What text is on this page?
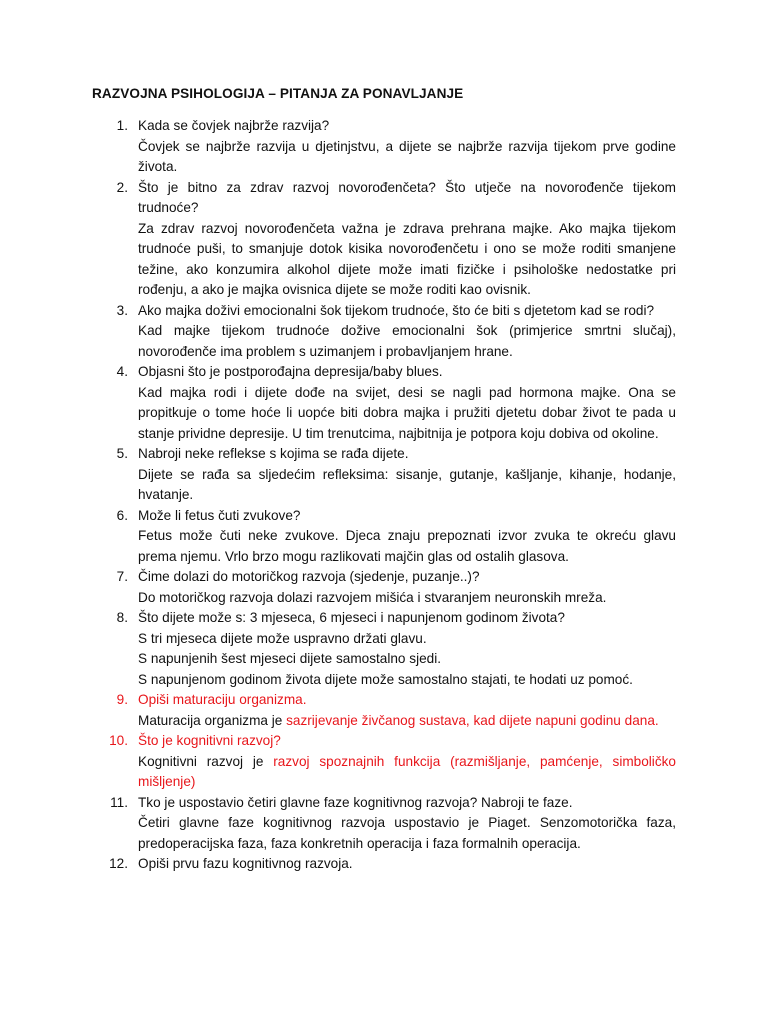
RAZVOJNA PSIHOLOGIJA – PITANJA ZA PONAVLJANJE
1. Kada se čovjek najbrže razvija?
Čovjek se najbrže razvija u djetinjstvu, a dijete se najbrže razvija tijekom prve godine života.
2. Što je bitno za zdrav razvoj novorođenčeta? Što utječe na novorođenče tijekom trudnoće?
Za zdrav razvoj novorođenčeta važna je zdrava prehrana majke. Ako majka tijekom trudnoće puši, to smanjuje dotok kisika novorođenčetu i ono se može roditi smanjene težine, ako konzumira alkohol dijete može imati fizičke i psihološke nedostatke pri rođenju, a ako je majka ovisnica dijete se može roditi kao ovisnik.
3. Ako majka doživi emocionalni šok tijekom trudnoće, što će biti s djetetom kad se rodi?
Kad majke tijekom trudnoće dožive emocionalni šok (primjerice smrtni slučaj), novorođenče ima problem s uzimanjem i probavljanjem hrane.
4. Objasni što je postporođajna depresija/baby blues.
Kad majka rodi i dijete dođe na svijet, desi se nagli pad hormona majke. Ona se propitkuje o tome hoće li uopće biti dobra majka i pružiti djetetu dobar život te pada u stanje prividne depresije. U tim trenutcima, najbitnija je potpora koju dobiva od okoline.
5. Nabroji neke reflekse s kojima se rađa dijete.
Dijete se rađa sa sljedećim refleksima: sisanje, gutanje, kašljanje, kihanje, hodanje, hvatanje.
6. Može li fetus čuti zvukove?
Fetus može čuti neke zvukove. Djeca znaju prepoznati izvor zvuka te okreću glavu prema njemu. Vrlo brzo mogu razlikovati majčin glas od ostalih glasova.
7. Čime dolazi do motoričkog razvoja (sjedenje, puzanje..)?
Do motoričkog razvoja dolazi razvojem mišića i stvaranjem neuronskih mreža.
8. Što dijete može s: 3 mjeseca, 6 mjeseci i napunjenom godinom života?
S tri mjeseca dijete može uspravno držati glavu.
S napunjenih šest mjeseci dijete samostalno sjedi.
S napunjenom godinom života dijete može samostalno stajati, te hodati uz pomoć.
9. Opiši maturaciju organizma.
Maturacija organizma je sazrijevanje živčanog sustava, kad dijete napuni godinu dana.
10. Što je kognitivni razvoj?
Kognitivni razvoj je razvoj spoznajnih funkcija (razmišljanje, pamćenje, simboličko mišljenje)
11. Tko je uspostavio četiri glavne faze kognitivnog razvoja? Nabroji te faze.
Četiri glavne faze kognitivnog razvoja uspostavio je Piaget. Senzomotorička faza, predoperacijska faza, faza konkretnih operacija i faza formalnih operacija.
12. Opiši prvu fazu kognitivnog razvoja.
